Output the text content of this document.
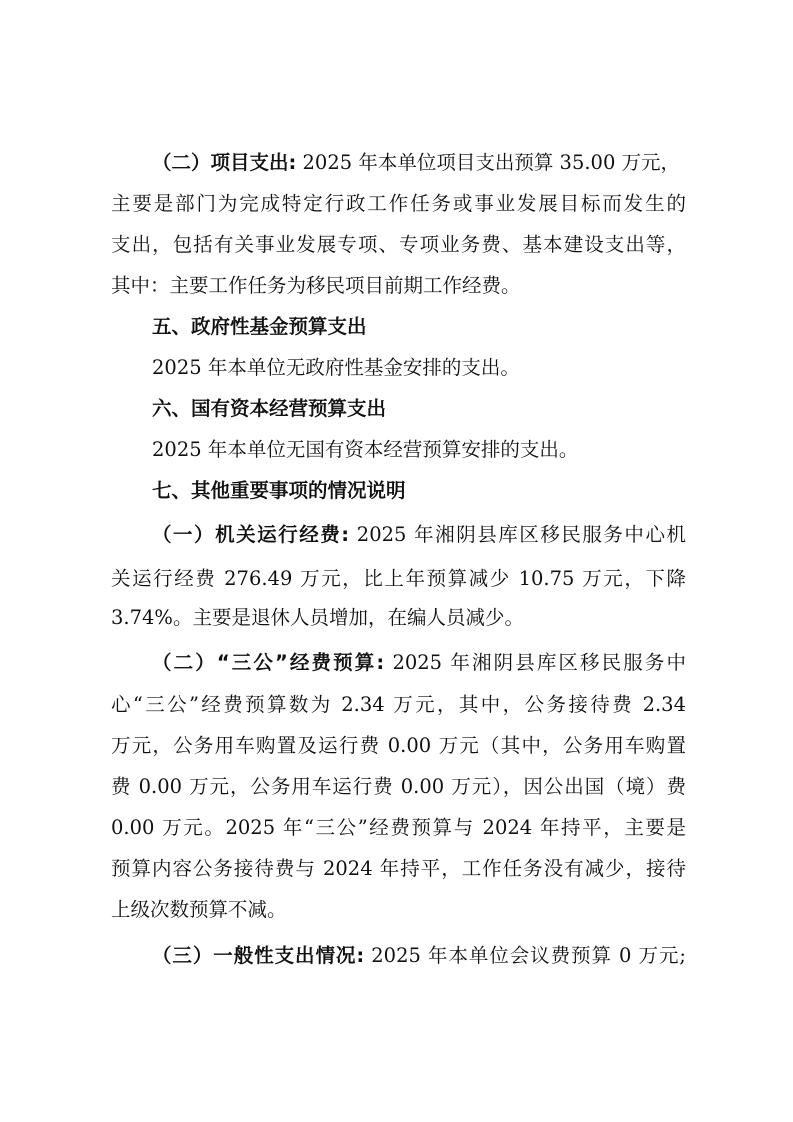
（二）项目支出: 2025 年本单位项目支出预算 35.00 万元，
主要是部门为完成特定行政工作任务或事业发展目标而发生的
支出，包括有关事业发展专项、专项业务费、基本建设支出等，
其中：主要工作任务为移民项目前期工作经费。
五、政府性基金预算支出
2025 年本单位无政府性基金安排的支出。
六、国有资本经营预算支出
2025 年本单位无国有资本经营预算安排的支出。
七、其他重要事项的情况说明
（一）机关运行经费: 2025 年湘阴县库区移民服务中心机
关运行经费 276.49 万元，比上年预算减少 10.75 万元，下降
3.74%。主要是退休人员增加，在编人员减少。
（二）“三公”经费预算: 2025 年湘阴县库区移民服务中
心“三公”经费预算数为 2.34 万元，其中，公务接待费 2.34
万元，公务用车购置及运行费 0.00 万元（其中，公务用车购置
费 0.00 万元，公务用车运行费 0.00 万元），因公出国（境）费
0.00 万元。2025 年“三公”经费预算与 2024 年持平，主要是
预算内容公务接待费与 2024 年持平，工作任务没有减少，接待
上级次数预算不减。
（三）一般性支出情况: 2025 年本单位会议费预算 0 万元;
